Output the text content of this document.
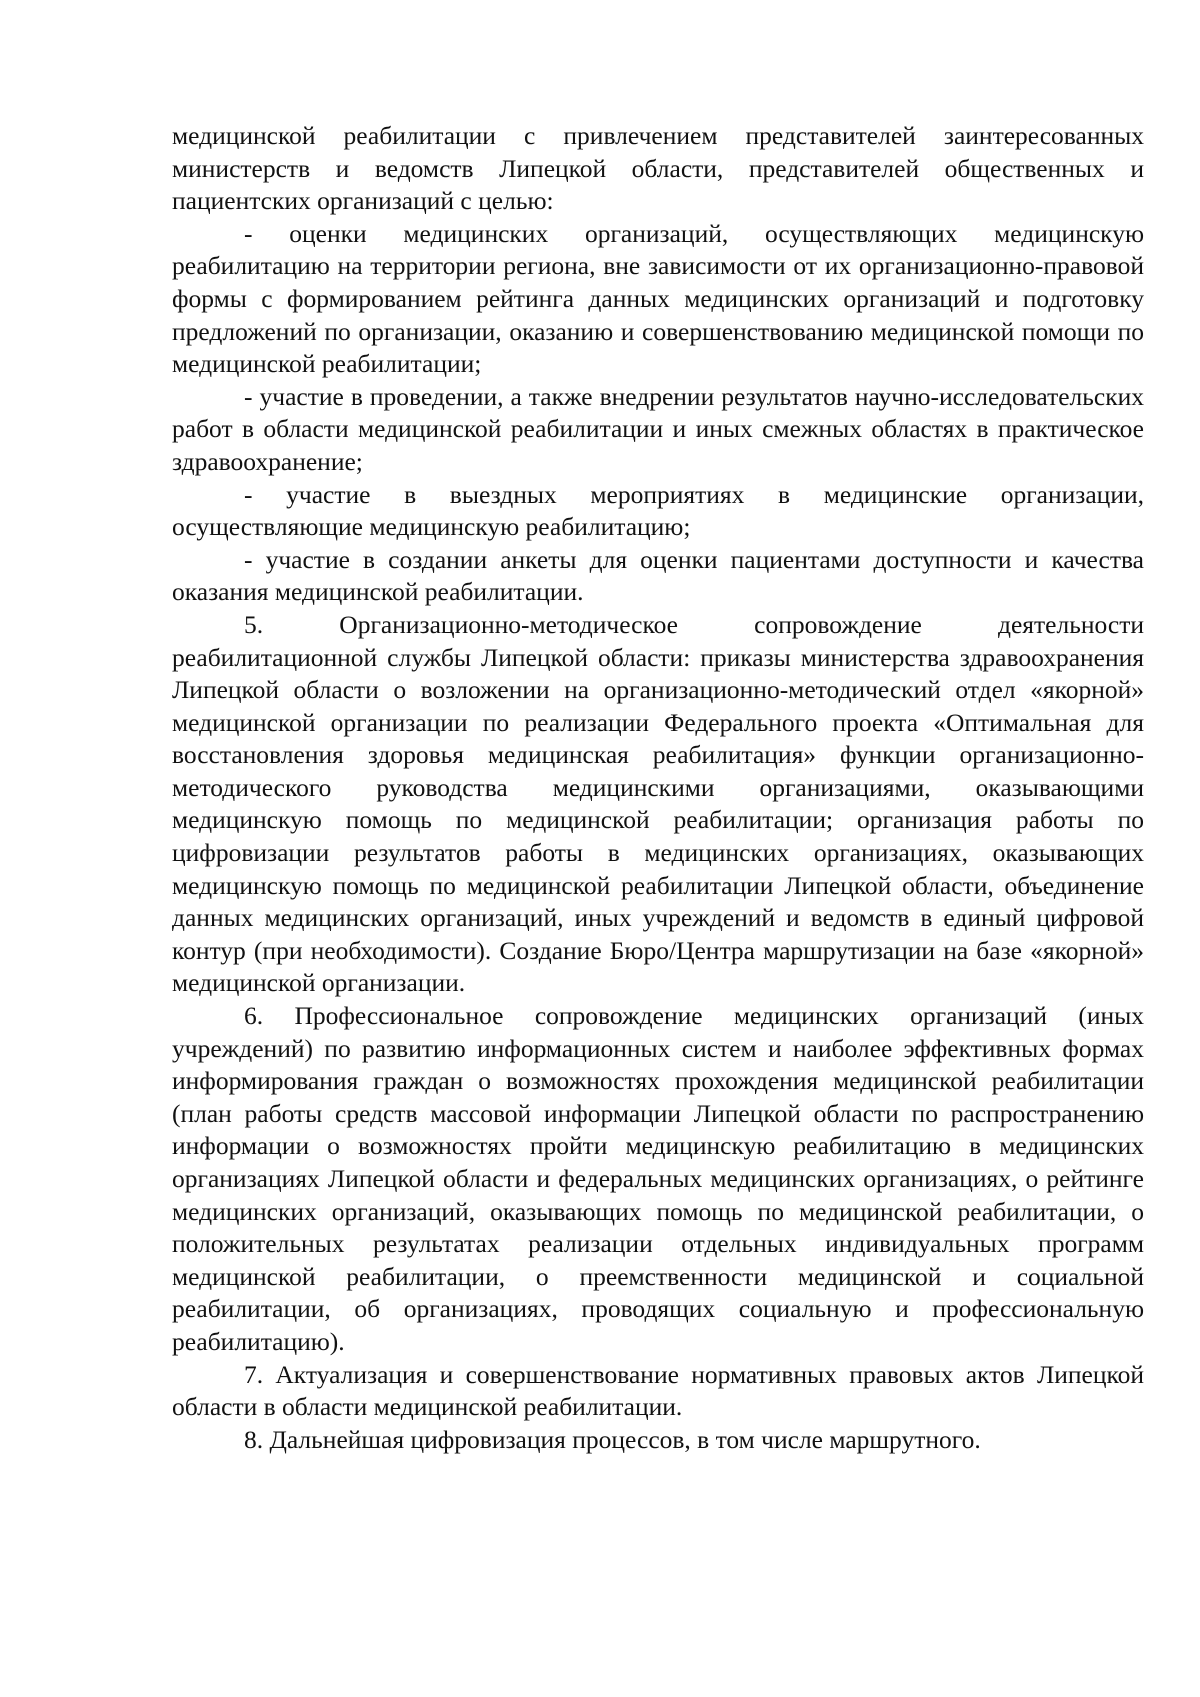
медицинской реабилитации с привлечением представителей заинтересованных министерств и ведомств Липецкой области, представителей общественных и пациентских организаций с целью:

- оценки медицинских организаций, осуществляющих медицинскую реабилитацию на территории региона, вне зависимости от их организационно-правовой формы с формированием рейтинга данных медицинских организаций и подготовку предложений по организации, оказанию и совершенствованию медицинской помощи по медицинской реабилитации;

- участие в проведении, а также внедрении результатов научно-исследовательских работ в области медицинской реабилитации и иных смежных областях в практическое здравоохранение;

- участие в выездных мероприятиях в медицинские организации, осуществляющие медицинскую реабилитацию;

- участие в создании анкеты для оценки пациентами доступности и качества оказания медицинской реабилитации.

5. Организационно-методическое сопровождение деятельности реабилитационной службы Липецкой области: приказы министерства здравоохранения Липецкой области о возложении на организационно-методический отдел «якорной» медицинской организации по реализации Федерального проекта «Оптимальная для восстановления здоровья медицинская реабилитация» функции организационно-методического руководства медицинскими организациями, оказывающими медицинскую помощь по медицинской реабилитации; организация работы по цифровизации результатов работы в медицинских организациях, оказывающих медицинскую помощь по медицинской реабилитации Липецкой области, объединение данных медицинских организаций, иных учреждений и ведомств в единый цифровой контур (при необходимости). Создание Бюро/Центра маршрутизации на базе «якорной» медицинской организации.

6. Профессиональное сопровождение медицинских организаций (иных учреждений) по развитию информационных систем и наиболее эффективных формах информирования граждан о возможностях прохождения медицинской реабилитации (план работы средств массовой информации Липецкой области по распространению информации о возможностях пройти медицинскую реабилитацию в медицинских организациях Липецкой области и федеральных медицинских организациях, о рейтинге медицинских организаций, оказывающих помощь по медицинской реабилитации, о положительных результатах реализации отдельных индивидуальных программ медицинской реабилитации, о преемственности медицинской и социальной реабилитации, об организациях, проводящих социальную и профессиональную реабилитацию).

7. Актуализация и совершенствование нормативных правовых актов Липецкой области в области медицинской реабилитации.

8. Дальнейшая цифровизация процессов, в том числе маршрутного.
